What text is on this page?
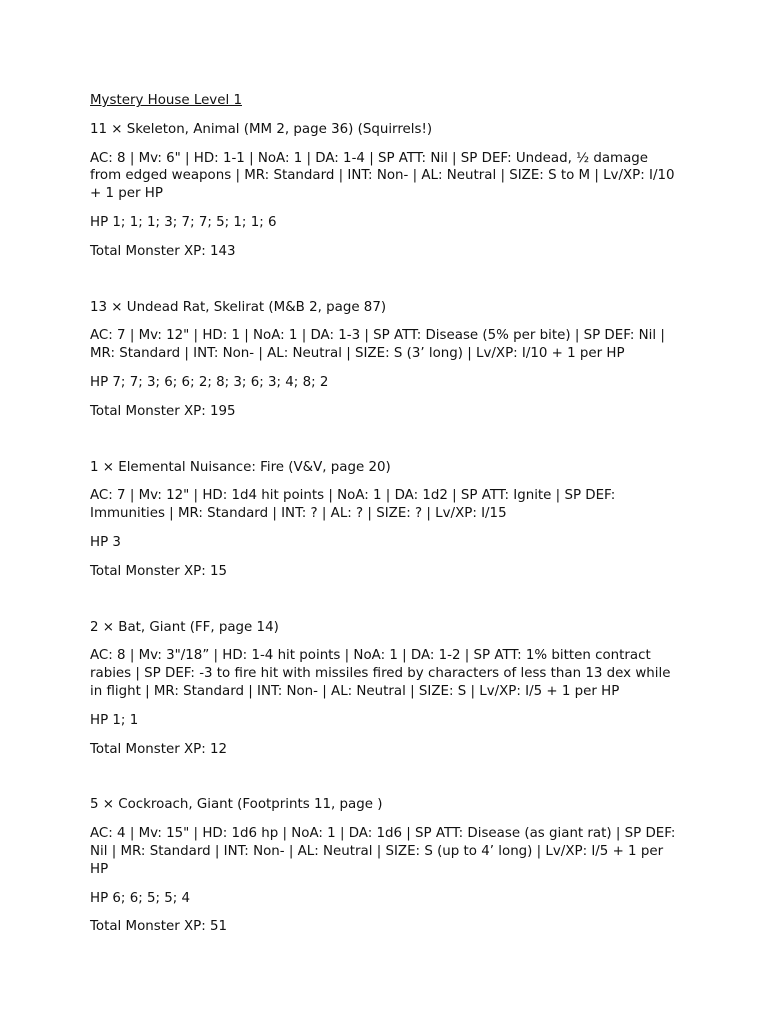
Mystery House Level 1

11 × Skeleton, Animal (MM 2, page 36) (Squirrels!)

AC: 8 | Mv: 6" | HD: 1-1 | NoA: 1 | DA: 1-4 | SP ATT: Nil | SP DEF: Undead, ½ damage from edged weapons | MR: Standard | INT: Non- | AL: Neutral | SIZE: S to M | Lv/XP: I/10 + 1 per HP

HP 1; 1; 1; 3; 7; 7; 5; 1; 1; 6

Total Monster XP: 143

13 × Undead Rat, Skelirat (M&B 2, page 87)

AC: 7 | Mv: 12" | HD: 1 | NoA: 1 | DA: 1-3 | SP ATT: Disease (5% per bite) | SP DEF: Nil | MR: Standard | INT: Non- | AL: Neutral | SIZE: S (3’ long) | Lv/XP: I/10 + 1 per HP

HP 7; 7; 3; 6; 6; 2; 8; 3; 6; 3; 4; 8; 2

Total Monster XP: 195

1 × Elemental Nuisance: Fire (V&V, page 20)

AC: 7 | Mv: 12" | HD: 1d4 hit points | NoA: 1 | DA: 1d2 | SP ATT: Ignite | SP DEF: Immunities | MR: Standard | INT: ? | AL: ? | SIZE: ? | Lv/XP: I/15

HP 3

Total Monster XP: 15

2 × Bat, Giant (FF, page 14)

AC: 8 | Mv: 3"/18” | HD: 1-4 hit points | NoA: 1 | DA: 1-2 | SP ATT: 1% bitten contract rabies | SP DEF: -3 to fire hit with missiles fired by characters of less than 13 dex while in flight | MR: Standard | INT: Non- | AL: Neutral | SIZE: S | Lv/XP: I/5 + 1 per HP

HP 1; 1

Total Monster XP: 12

5 × Cockroach, Giant (Footprints 11, page )

AC: 4 | Mv: 15" | HD: 1d6 hp | NoA: 1 | DA: 1d6 | SP ATT: Disease (as giant rat) | SP DEF: Nil | MR: Standard | INT: Non- | AL: Neutral | SIZE: S (up to 4’ long) | Lv/XP: I/5 + 1 per HP

HP 6; 6; 5; 5; 4

Total Monster XP: 51
